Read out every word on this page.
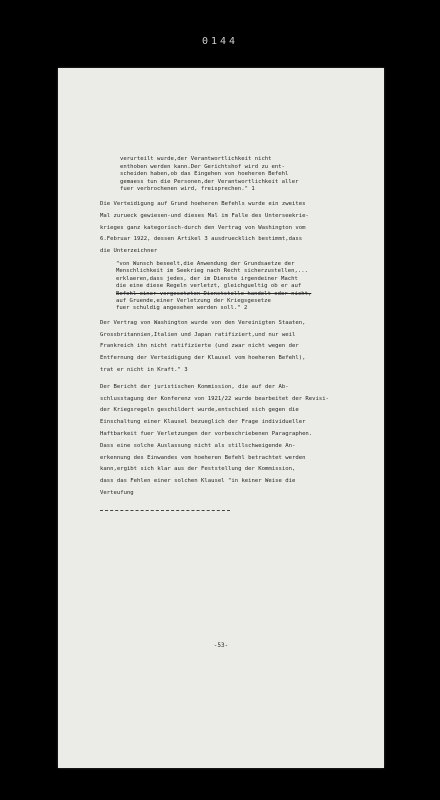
0144
verurteilt wurde,der Verantwortlichkeit nicht
enthoben werden kann.Der Gerichtshof wird zu ent-
scheiden haben,ob das Eingehen von hoeheren Befehl
gemaess tun die Personen,der Verantwortlichkeit aller
fuer verbrochenen wird, freisprechen." 1
Die Verteidigung auf Grund hoeheren Befehls wurde ein zweites
Mal zurueck gewiesen-und dieses Mal im Falle des Unterseekrie-
krieges ganz kategorisch-durch den Vertrag von Washington vom
6.Februar 1922, dessen Artikel 3 ausdruecklich bestimmt,dass
die Unterzeichner
"von Wunsch beseelt,die Anwendung der Grundsaetze der
Menschlichkeit im Seekrieg nach Recht sicherzustellen,...
erklaeren,dass jedes, der im Dienste irgendeiner Macht
die eine diese Regeln verletzt, gleichgueltig ob er auf
Befehl einer vorgesetzten Dienststelle handelt oder nicht,
auf Gruende,einer Verletzung der Kriegsgesetze
fuer schuldig angesehen werden soll." 2
Der Vertrag von Washington wurde von den Vereinigten Staaten,
Grossbritannien,Italien und Japan ratifiziert,und nur weil
Frankreich ihn nicht ratifizierte (und zwar nicht wegen der
Entfernung der Verteidigung der Klausel vom hoeheren Befehl),
trat er nicht in Kraft." 3
Der Bericht der juristischen Kommission, die auf der Ab-
schlusstagung der Konferenz von 1921/22 wurde bearbeitet der Revisi-
der Kriegsregeln geschildert wurde,entschied sich gegen die
Einschaltung einer Klausel bezueglich der Frage individueller
Haftbarkeit fuer Verletzungen der vorbeschriebenen Paragraphen.
Dass eine solche Auslassung nicht als stillschweigende An-
erkennung des Einwandes vom hoeheren Befehl betrachtet werden
kann,ergibt sich klar aus der Feststellung der Kommission,
dass das Fehlen einer solchen Klausel "in keiner Weise die
Verteufung
-53-
